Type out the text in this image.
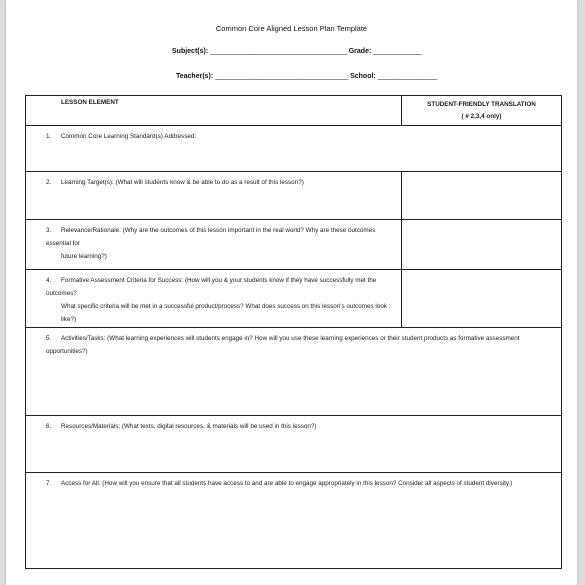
Common Core Aligned Lesson Plan Template
Subject(s): _____________________________________ Grade: _____________
Teacher(s): ____________________________________ School: ________________
LESSON ELEMENT	STUDENT-FRIENDLY TRANSLATION
( # 2,3,4 only)

1. Common Core Learning Standard(s) Addressed:	
2. Learning Target(s): (What will students know & be able to do as a result of this lesson?)	
3. Relevance/Rationale: (Why are the outcomes of this lesson important in the real world? Why are these outcomes essential for
future learning?)	

4. Formative Assessment Criteria for Success: (How will you & your students know if they have successfully met the outcomes?
What specific criteria will be met in a successful product/process? What does success on this lesson's outcomes look like?)	

5. Activities/Tasks: (What learning experiences will students engage in? How will you use these learning experiences or their student products as formative assessment opportunities?)	
6. Resources/Materials: (What texts, digital resources, & materials will be used in this lesson?)	
7. Access for All: (How will you ensure that all students have access to and are able to engage appropriately in this lesson? Consider all aspects of student diversity.)	
